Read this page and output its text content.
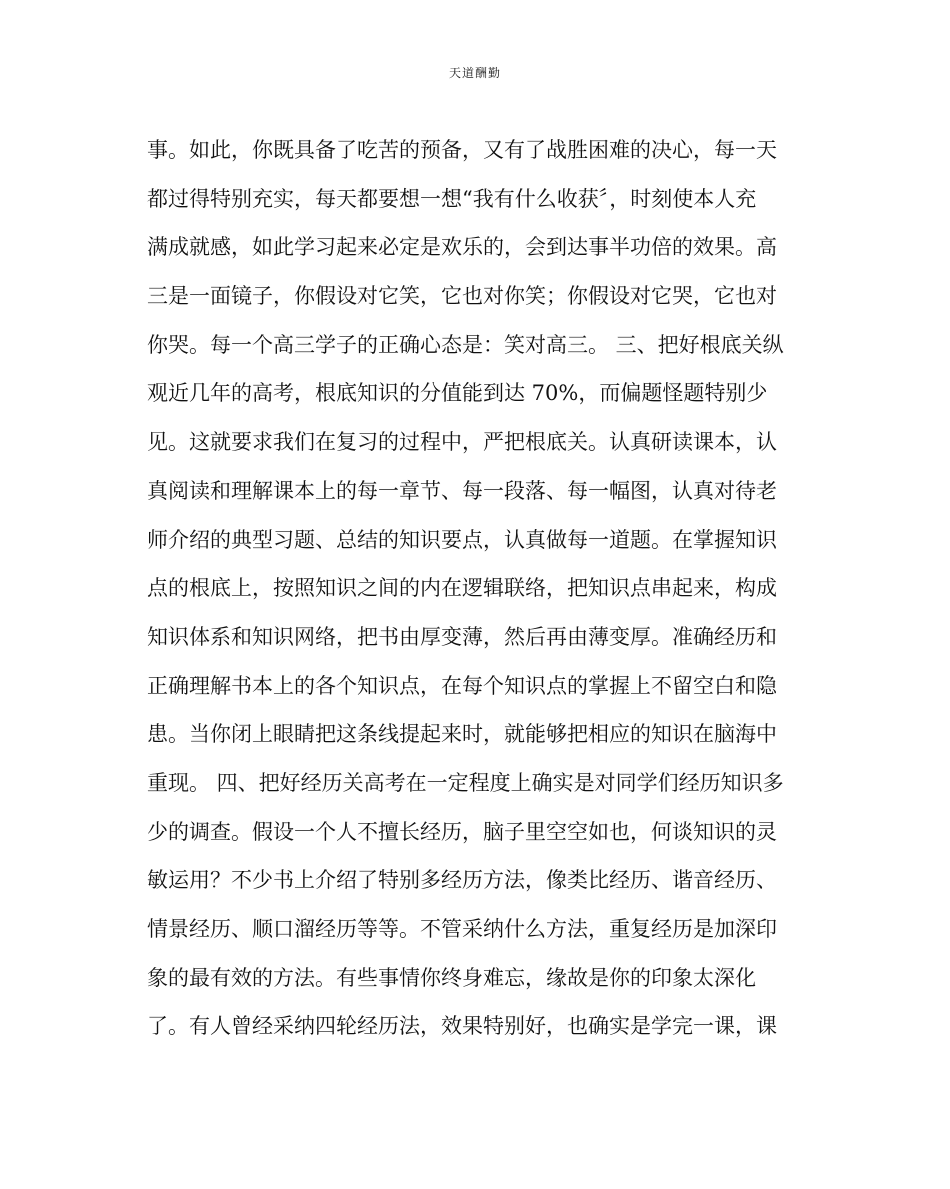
天道酬勤
事。如此，你既具备了吃苦的预备，又有了战胜困难的决心，每一天
都过得特别充实，每天都要想一想“我有什么收获〞，时刻使本人充
满成就感，如此学习起来必定是欢乐的，会到达事半功倍的效果。高
三是一面镜子，你假设对它笑，它也对你笑；你假设对它哭，它也对
你哭。每一个高三学子的正确心态是：笑对高三。 三、把好根底关纵
观近几年的高考，根底知识的分值能到达 70%，而偏题怪题特别少
见。这就要求我们在复习的过程中，严把根底关。认真研读课本，认
真阅读和理解课本上的每一章节、每一段落、每一幅图，认真对待老
师介绍的典型习题、总结的知识要点，认真做每一道题。在掌握知识
点的根底上，按照知识之间的内在逻辑联络，把知识点串起来，构成
知识体系和知识网络，把书由厚变薄，然后再由薄变厚。准确经历和
正确理解书本上的各个知识点，在每个知识点的掌握上不留空白和隐
患。当你闭上眼睛把这条线提起来时，就能够把相应的知识在脑海中
重现。 四、把好经历关高考在一定程度上确实是对同学们经历知识多
少的调查。假设一个人不擅长经历，脑子里空空如也，何谈知识的灵
敏运用？不少书上介绍了特别多经历方法，像类比经历、谐音经历、
情景经历、顺口溜经历等等。不管采纳什么方法，重复经历是加深印
象的最有效的方法。有些事情你终身难忘，缘故是你的印象太深化
了。有人曾经采纳四轮经历法，效果特别好，也确实是学完一课，课
